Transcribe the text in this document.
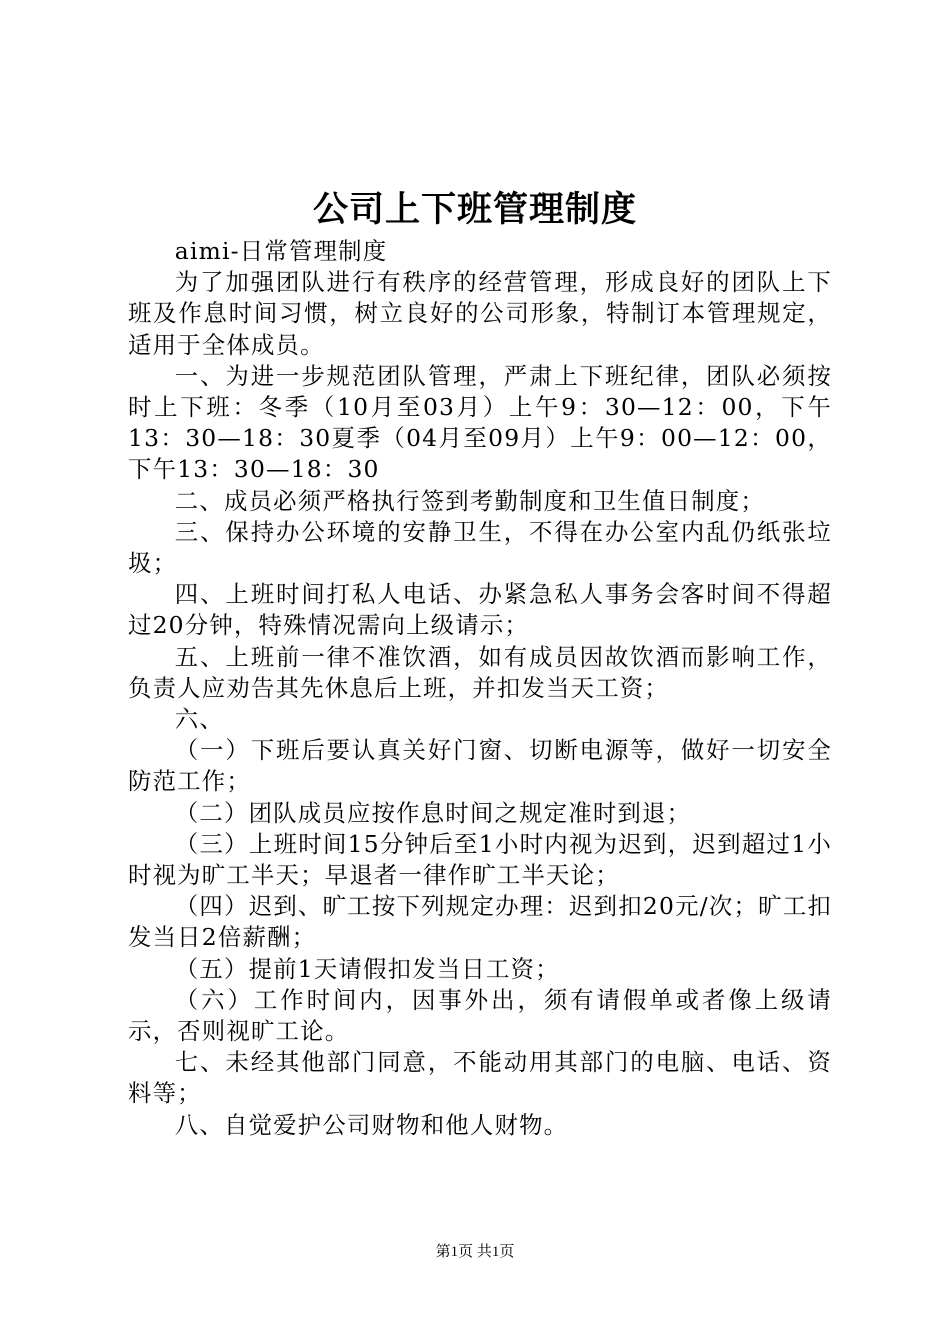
公司上下班管理制度

aimi-日常管理制度

为了加强团队进行有秩序的经营管理，形成良好的团队上下班及作息时间习惯，树立良好的公司形象，特制订本管理规定，适用于全体成员。

一、为进一步规范团队管理，严肃上下班纪律，团队必须按时上下班：冬季（10月至03月）上午9：30—12：00，下午13：30—18：30夏季（04月至09月）上午9：00—12：00，下午13：30—18：30

二、成员必须严格执行签到考勤制度和卫生值日制度；

三、保持办公环境的安静卫生，不得在办公室内乱仍纸张垃圾；

四、上班时间打私人电话、办紧急私人事务会客时间不得超过20分钟，特殊情况需向上级请示；

五、上班前一律不准饮酒，如有成员因故饮酒而影响工作，负责人应劝告其先休息后上班，并扣发当天工资；

六、

（一）下班后要认真关好门窗、切断电源等，做好一切安全防范工作；

（二）团队成员应按作息时间之规定准时到退；

（三）上班时间15分钟后至1小时内视为迟到，迟到超过1小时视为旷工半天；早退者一律作旷工半天论；

（四）迟到、旷工按下列规定办理：迟到扣20元/次；旷工扣发当日2倍薪酬；

（五）提前1天请假扣发当日工资；

（六）工作时间内，因事外出，须有请假单或者像上级请示，否则视旷工论。

七、未经其他部门同意，不能动用其部门的电脑、电话、资料等；

八、自觉爱护公司财物和他人财物。

第1页 共1页
